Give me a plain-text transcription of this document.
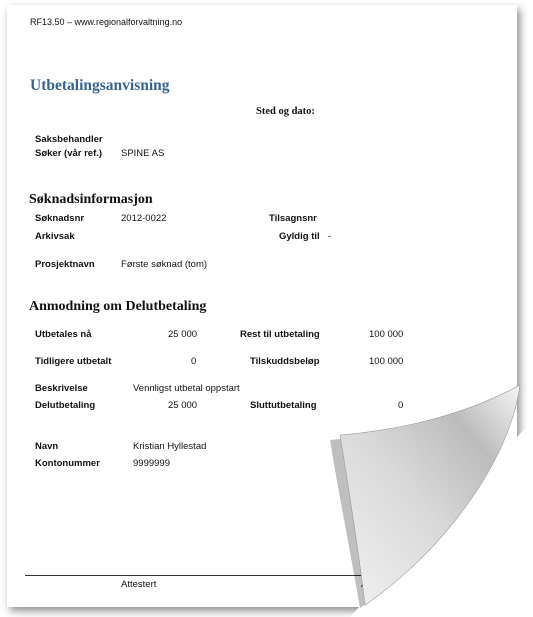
RF13.50 – www.regionalforvaltning.no
Utbetalingsanvisning
Sted og dato:
Saksbehandler
Søker (vår ref.) SPINE AS
Søknadsinformasjon
Søknadsnr	2012-0022	Tilsagnsnr
Arkivsak	Gyldig til -
Prosjektnavn	Første søknad (tom)
Anmodning om Delutbetaling
Utbetales nå	25 000	Rest til utbetaling	100 000
Tidligere utbetalt	0	Tilskuddsbeløp	100 000
Beskrivelse	Vennligst utbetal oppstart
Delutbetaling	25 000	Sluttutbetaling	0
Navn	Kristian Hyllestad
Kontonummer	9999999
Attestert
